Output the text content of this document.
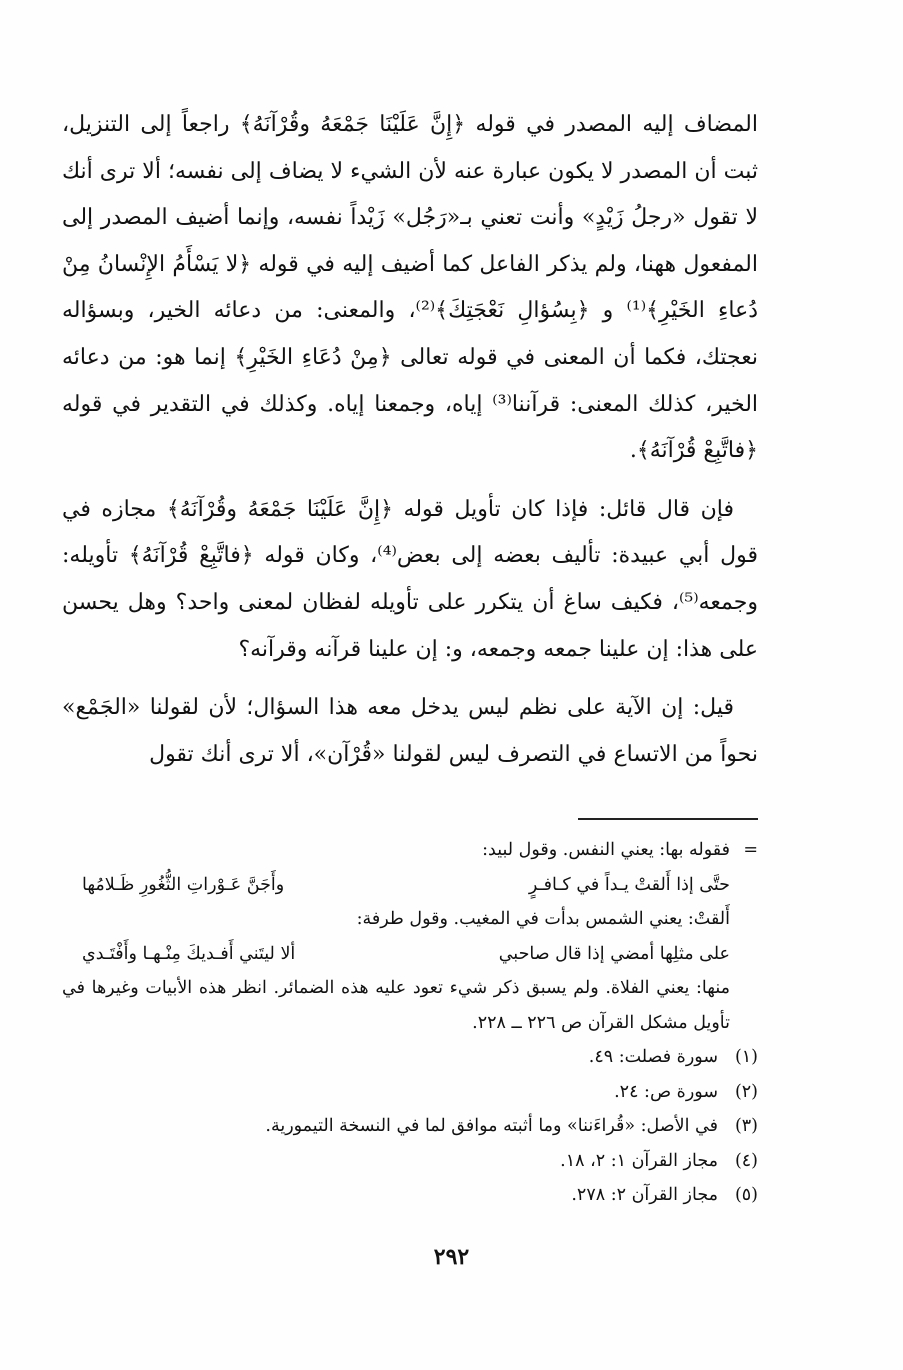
المضاف إليه المصدر في قوله ﴿إِنَّ عَلَيْنَا جَمْعَهُ وقُرْآنَهُ﴾ راجعاً إلى التنزيل، ثبت أن المصدر لا يكون عبارة عنه لأن الشيء لا يضاف إلى نفسه؛ ألا ترى أنك لا تقول «رجلُ زَيْدٍ» وأنت تعني بـ«رَجُل» زَيْداً نفسه، وإنما أضيف المصدر إلى المفعول ههنا، ولم يذكر الفاعل كما أضيف إليه في قوله ﴿لا يَسْأَمُ الإِنْسانُ مِنْ دُعاءِ الخَيْرِ﴾⁽¹⁾ و ﴿بِسُؤالِ نَعْجَتِكَ﴾⁽²⁾، والمعنى: من دعائه الخير، وبسؤاله نعجتك، فكما أن المعنى في قوله تعالى ﴿مِنْ دُعَاءِ الخَيْرِ﴾ إنما هو: من دعائه الخير، كذلك المعنى: قرآننا⁽³⁾ إياه، وجمعنا إياه. وكذلك في التقدير في قوله ﴿فاتَّبِعْ قُرْآنَهُ﴾.

فإن قال قائل: فإذا كان تأويل قوله ﴿إِنَّ عَلَيْنَا جَمْعَهُ وقُرْآنَهُ﴾ مجازه في قول أبي عبيدة: تأليف بعضه إلى بعض⁽⁴⁾، وكان قوله ﴿فاتَّبِعْ قُرْآنَهُ﴾ تأويله: وجمعه⁽⁵⁾، فكيف ساغ أن يتكرر على تأويله لفظان لمعنى واحد؟ وهل يحسن على هذا: إن علينا جمعه وجمعه، و: إن علينا قرآنه وقرآنه؟

قيل: إن الآية على نظم ليس يدخل معه هذا السؤال؛ لأن لقولنا «الجَمْع» نحواً من الاتساع في التصرف ليس لقولنا «قُرْآن»، ألا ترى أنك تقول

=
فقوله بها: يعني النفس. وقول لبيد:
حتَّى إذا أَلقتْ يـداً في كـافـرٍ
وأَجَنَّ عَـوْراتِ الثُّغُورِ ظَـلامُها
أَلقتْ: يعني الشمس بدأت في المغيب. وقول طرفة:
على مثلِها أمضي إذا قال صاحبي
ألا ليتَني أَفـديكَ مِنْـهـا وأَفْتَـدي
منها: يعني الفلاة. ولم يسبق ذكر شيء تعود عليه هذه الضمائر. انظر هذه الأبيات وغيرها في تأويل مشكل القرآن ص ٢٢٦ ــ ٢٢٨.
(١)
سورة فصلت: ٤٩.
(٢)
سورة ص: ٢٤.
(٣)
في الأصل: «قُراءَننا» وما أثبته موافق لما في النسخة التيمورية.
(٤)
مجاز القرآن ١: ٢، ١٨.
(٥)
مجاز القرآن ٢: ٢٧٨.
٢٩٢
